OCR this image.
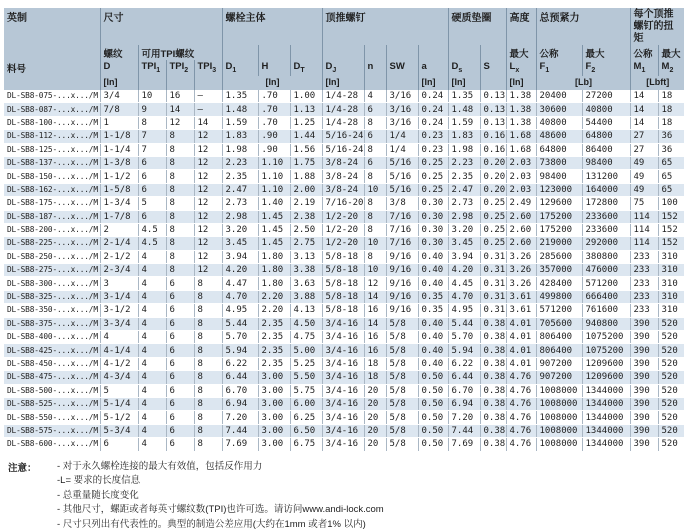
英制	尺寸				螺栓主体			顶推螺钉				硬质垫圈		高度	总预紧力		每个顶推螺钉的扭矩	
	螺纹	可用TPI螺纹												最大	公称	最大	公称	最大
料号	D	$TPI_1$	$TPI_2$	$TPI_3$	$D_1$	H	$D_T$	$D_J$	n	SW	a	$D_s$	S	$L_x$	$F_1$	$F_2$	$M_1$	$M_2$
	[In]				[In]			[In]			[In]	[In]		[In]	[Lb]		[Lbft]	
DL-SB8-075-...x.../M	3/4	10	16	–	1.35	.70	1.00	1/4-28	4	3/16	0.24	1.35	0.13	1.38	20400	27200	14	18
DL-SB8-087-...x.../M	7/8	9	14	–	1.48	.70	1.13	1/4-28	6	3/16	0.24	1.48	0.13	1.38	30600	40800	14	18
DL-SB8-100-...x.../M	1	8	12	14	1.59	.70	1.25	1/4-28	8	3/16	0.24	1.59	0.13	1.38	40800	54400	14	18
DL-SB8-112-...x.../M	1-1/8	7	8	12	1.83	.90	1.44	5/16-24	6	1/4	0.23	1.83	0.16	1.68	48600	64800	27	36
DL-SB8-125-...x.../M	1-1/4	7	8	12	1.98	.90	1.56	5/16-24	8	1/4	0.23	1.98	0.16	1.68	64800	86400	27	36
DL-SB8-137-...x.../M	1-3/8	6	8	12	2.23	1.10	1.75	3/8-24	6	5/16	0.25	2.23	0.20	2.03	73800	98400	49	65
DL-SB8-150-...x.../M	1-1/2	6	8	12	2.35	1.10	1.88	3/8-24	8	5/16	0.25	2.35	0.20	2.03	98400	131200	49	65
DL-SB8-162-...x.../M	1-5/8	6	8	12	2.47	1.10	2.00	3/8-24	10	5/16	0.25	2.47	0.20	2.03	123000	164000	49	65
DL-SB8-175-...x.../M	1-3/4	5	8	12	2.73	1.40	2.19	7/16-20	8	3/8	0.30	2.73	0.25	2.49	129600	172800	75	100
DL-SB8-187-...x.../M	1-7/8	6	8	12	2.98	1.45	2.38	1/2-20	8	7/16	0.30	2.98	0.25	2.60	175200	233600	114	152
DL-SB8-200-...x.../M	2	4.5	8	12	3.20	1.45	2.50	1/2-20	8	7/16	0.30	3.20	0.25	2.60	175200	233600	114	152
DL-SB8-225-...x.../M	2-1/4	4.5	8	12	3.45	1.45	2.75	1/2-20	10	7/16	0.30	3.45	0.25	2.60	219000	292000	114	152
DL-SB8-250-...x.../M	2-1/2	4	8	12	3.94	1.80	3.13	5/8-18	8	9/16	0.40	3.94	0.31	3.26	285600	380800	233	310
DL-SB8-275-...x.../M	2-3/4	4	8	12	4.20	1.80	3.38	5/8-18	10	9/16	0.40	4.20	0.31	3.26	357000	476000	233	310
DL-SB8-300-...x.../M	3	4	6	8	4.47	1.80	3.63	5/8-18	12	9/16	0.40	4.45	0.31	3.26	428400	571200	233	310
DL-SB8-325-...x.../M	3-1/4	4	6	8	4.70	2.20	3.88	5/8-18	14	9/16	0.35	4.70	0.31	3.61	499800	666400	233	310
DL-SB8-350-...x.../M	3-1/2	4	6	8	4.95	2.20	4.13	5/8-18	16	9/16	0.35	4.95	0.31	3.61	571200	761600	233	310
DL-SB8-375-...x.../M	3-3/4	4	6	8	5.44	2.35	4.50	3/4-16	14	5/8	0.40	5.44	0.38	4.01	705600	940800	390	520
DL-SB8-400-...x.../M	4	4	6	8	5.70	2.35	4.75	3/4-16	16	5/8	0.40	5.70	0.38	4.01	806400	1075200	390	520
DL-SB8-425-...x.../M	4-1/4	4	6	8	5.94	2.35	5.00	3/4-16	16	5/8	0.40	5.94	0.38	4.01	806400	1075200	390	520
DL-SB8-450-...x.../M	4-1/2	4	6	8	6.22	2.35	5.25	3/4-16	18	5/8	0.40	6.22	0.38	4.01	907200	1209600	390	520
DL-SB8-475-...x.../M	4-3/4	4	6	8	6.44	3.00	5.50	3/4-16	18	5/8	0.50	6.44	0.38	4.76	907200	1209600	390	520
DL-SB8-500-...x.../M	5	4	6	8	6.70	3.00	5.75	3/4-16	20	5/8	0.50	6.70	0.38	4.76	1008000	1344000	390	520
DL-SB8-525-...x.../M	5-1/4	4	6	8	6.94	3.00	6.00	3/4-16	20	5/8	0.50	6.94	0.38	4.76	1008000	1344000	390	520
DL-SB8-550-...x.../M	5-1/2	4	6	8	7.20	3.00	6.25	3/4-16	20	5/8	0.50	7.20	0.38	4.76	1008000	1344000	390	520
DL-SB8-575-...x.../M	5-3/4	4	6	8	7.44	3.00	6.50	3/4-16	20	5/8	0.50	7.44	0.38	4.76	1008000	1344000	390	520
DL-SB8-600-...x.../M	6	4	6	8	7.69	3.00	6.75	3/4-16	20	5/8	0.50	7.69	0.38	4.76	1008000	1344000	390	520
注意：	- 对于永久螺栓连接的最大有效值，包括反作用力
-L= 要求的长度信息
- 总重量随长度变化
- 其他尺寸，螺距或者每英寸螺纹数(TPI)也许可选。请访问www.andi-lock.com
- 尺寸只列出有代表性的。典型的制造公差应用(大约在1mm 或者1% 以内)
